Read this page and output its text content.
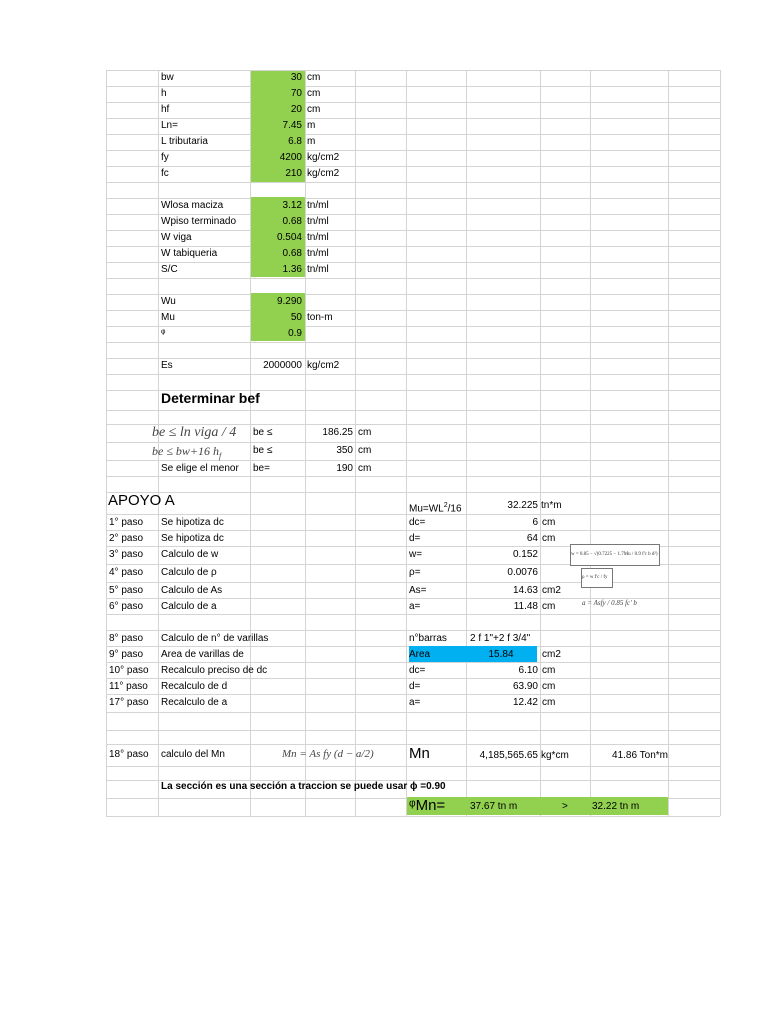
bw	30 cm
h	70 cm
hf	20 cm
Ln=	7.45 m
L tributaria	6.8 m
fy	4200 kg/cm2
fc	210 kg/cm2
Wlosa maciza	3.12 tn/ml
Wpiso terminado	0.68 tn/ml
W viga	0.504 tn/ml
W tabiqueria	0.68 tn/ml
S/C	1.36 tn/ml
Wu	9.290
Mu	50 ton-m
ᵠ	0.9
Es	2000000 kg/cm2
be ≤	186.25 cm
be ≤	350 cm
Se elige el menor be=	190 cm
1° paso Se hipotiza dc	dc=	6 cm
2° paso Se hipotiza dc	d=	64 cm
3° paso Calculo de w	w=	0.152
4° paso Calculo de ρ	ρ=	0.0076
5° paso Calculo de As	As=	14.63 cm2
6° paso Calculo de a	a=	11.48 cm
8° paso Calculo de n° de varillas	n°barras 2 f 1"+2 f 3/4"
9° paso Area de varillas de	Area	15.84	cm2
10° paso Recalculo preciso de dc	dc=	6.10 cm
11° paso Recalculo de d	d=	63.90 cm
17° paso Recalculo de a	a=	12.42 cm
Determinar bef
be ≤ ln viga / 4
be ≤ bw+16 $h_f$
APOYO A	$Mu=WL^2/16$	32.225 tn*m
w = 0.85 − √(0.7225 − 1.7Mu / 0.9 f'c b d²)
ρ = w f'c / fy
a = Asfy / 0.85 fc' b
18° paso calculo del Mn	Mn = As fy (d − a/2) Mn	4,185,565.65 kg*cm	41.86 Ton*m
La sección es una sección a traccion se puede usar ϕ =0.90
ᵠMn= 37.67 tn m	> 32.22 tn m
